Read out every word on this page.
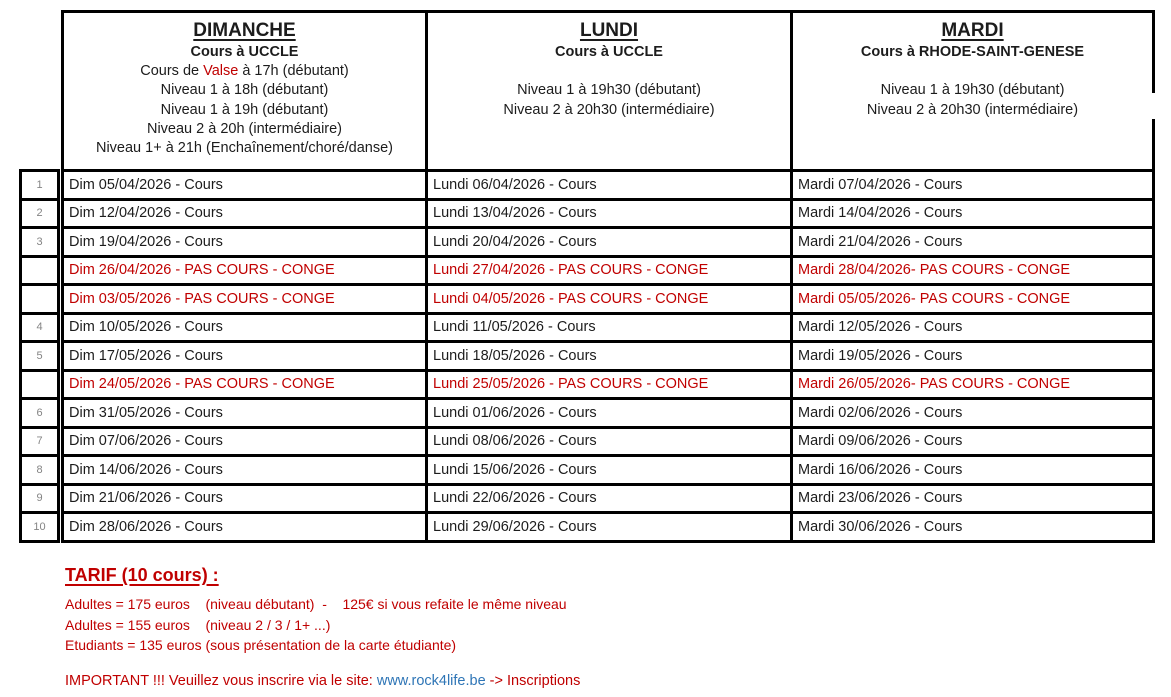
DIMANCHE
Cours à UCCLE
Cours de Valse à 17h (débutant)
Niveau 1 à 18h (débutant)
Niveau 1 à 19h (débutant)
Niveau 2 à 20h (intermédiaire)
Niveau 1+ à 21h (Enchaînement/choré/danse)
LUNDI
Cours à UCCLE
Niveau 1 à 19h30 (débutant)
Niveau 2 à 20h30 (intermédiaire)
MARDI
Cours à RHODE-SAINT-GENESE
Niveau 1 à 19h30 (débutant)
Niveau 2 à 20h30 (intermédiaire)
1	Dim 05/04/2026 - Cours	Lundi 06/04/2026 - Cours	Mardi 07/04/2026 - Cours
2	Dim 12/04/2026 - Cours	Lundi 13/04/2026 - Cours	Mardi 14/04/2026 - Cours
3	Dim 19/04/2026 - Cours	Lundi 20/04/2026 - Cours	Mardi 21/04/2026 - Cours
Dim 26/04/2026 - PAS COURS - CONGE	Lundi 27/04/2026 - PAS COURS - CONGE	Mardi 28/04/2026- PAS COURS - CONGE
Dim 03/05/2026 - PAS COURS - CONGE	Lundi 04/05/2026 - PAS COURS - CONGE	Mardi 05/05/2026- PAS COURS - CONGE
4	Dim 10/05/2026 - Cours	Lundi 11/05/2026 - Cours	Mardi 12/05/2026 - Cours
5	Dim 17/05/2026 - Cours	Lundi 18/05/2026 - Cours	Mardi 19/05/2026 - Cours
Dim 24/05/2026 - PAS COURS - CONGE	Lundi 25/05/2026 - PAS COURS - CONGE	Mardi 26/05/2026- PAS COURS - CONGE
6	Dim 31/05/2026 - Cours	Lundi 01/06/2026 - Cours	Mardi 02/06/2026 - Cours
7	Dim 07/06/2026 - Cours	Lundi 08/06/2026 - Cours	Mardi 09/06/2026 - Cours
8	Dim 14/06/2026 - Cours	Lundi 15/06/2026 - Cours	Mardi 16/06/2026 - Cours
9	Dim 21/06/2026 - Cours	Lundi 22/06/2026 - Cours	Mardi 23/06/2026 - Cours
10	Dim 28/06/2026 - Cours	Lundi 29/06/2026 - Cours	Mardi 30/06/2026 - Cours
TARIF (10 cours) :
Adultes = 175 euros    (niveau débutant)  -    125€ si vous refaite le même niveau
Adultes = 155 euros    (niveau 2 / 3 / 1+ ...)
Etudiants = 135 euros (sous présentation de la carte étudiante)
IMPORTANT !!! Veuillez vous inscrire via le site: www.rock4life.be -> Inscriptions
